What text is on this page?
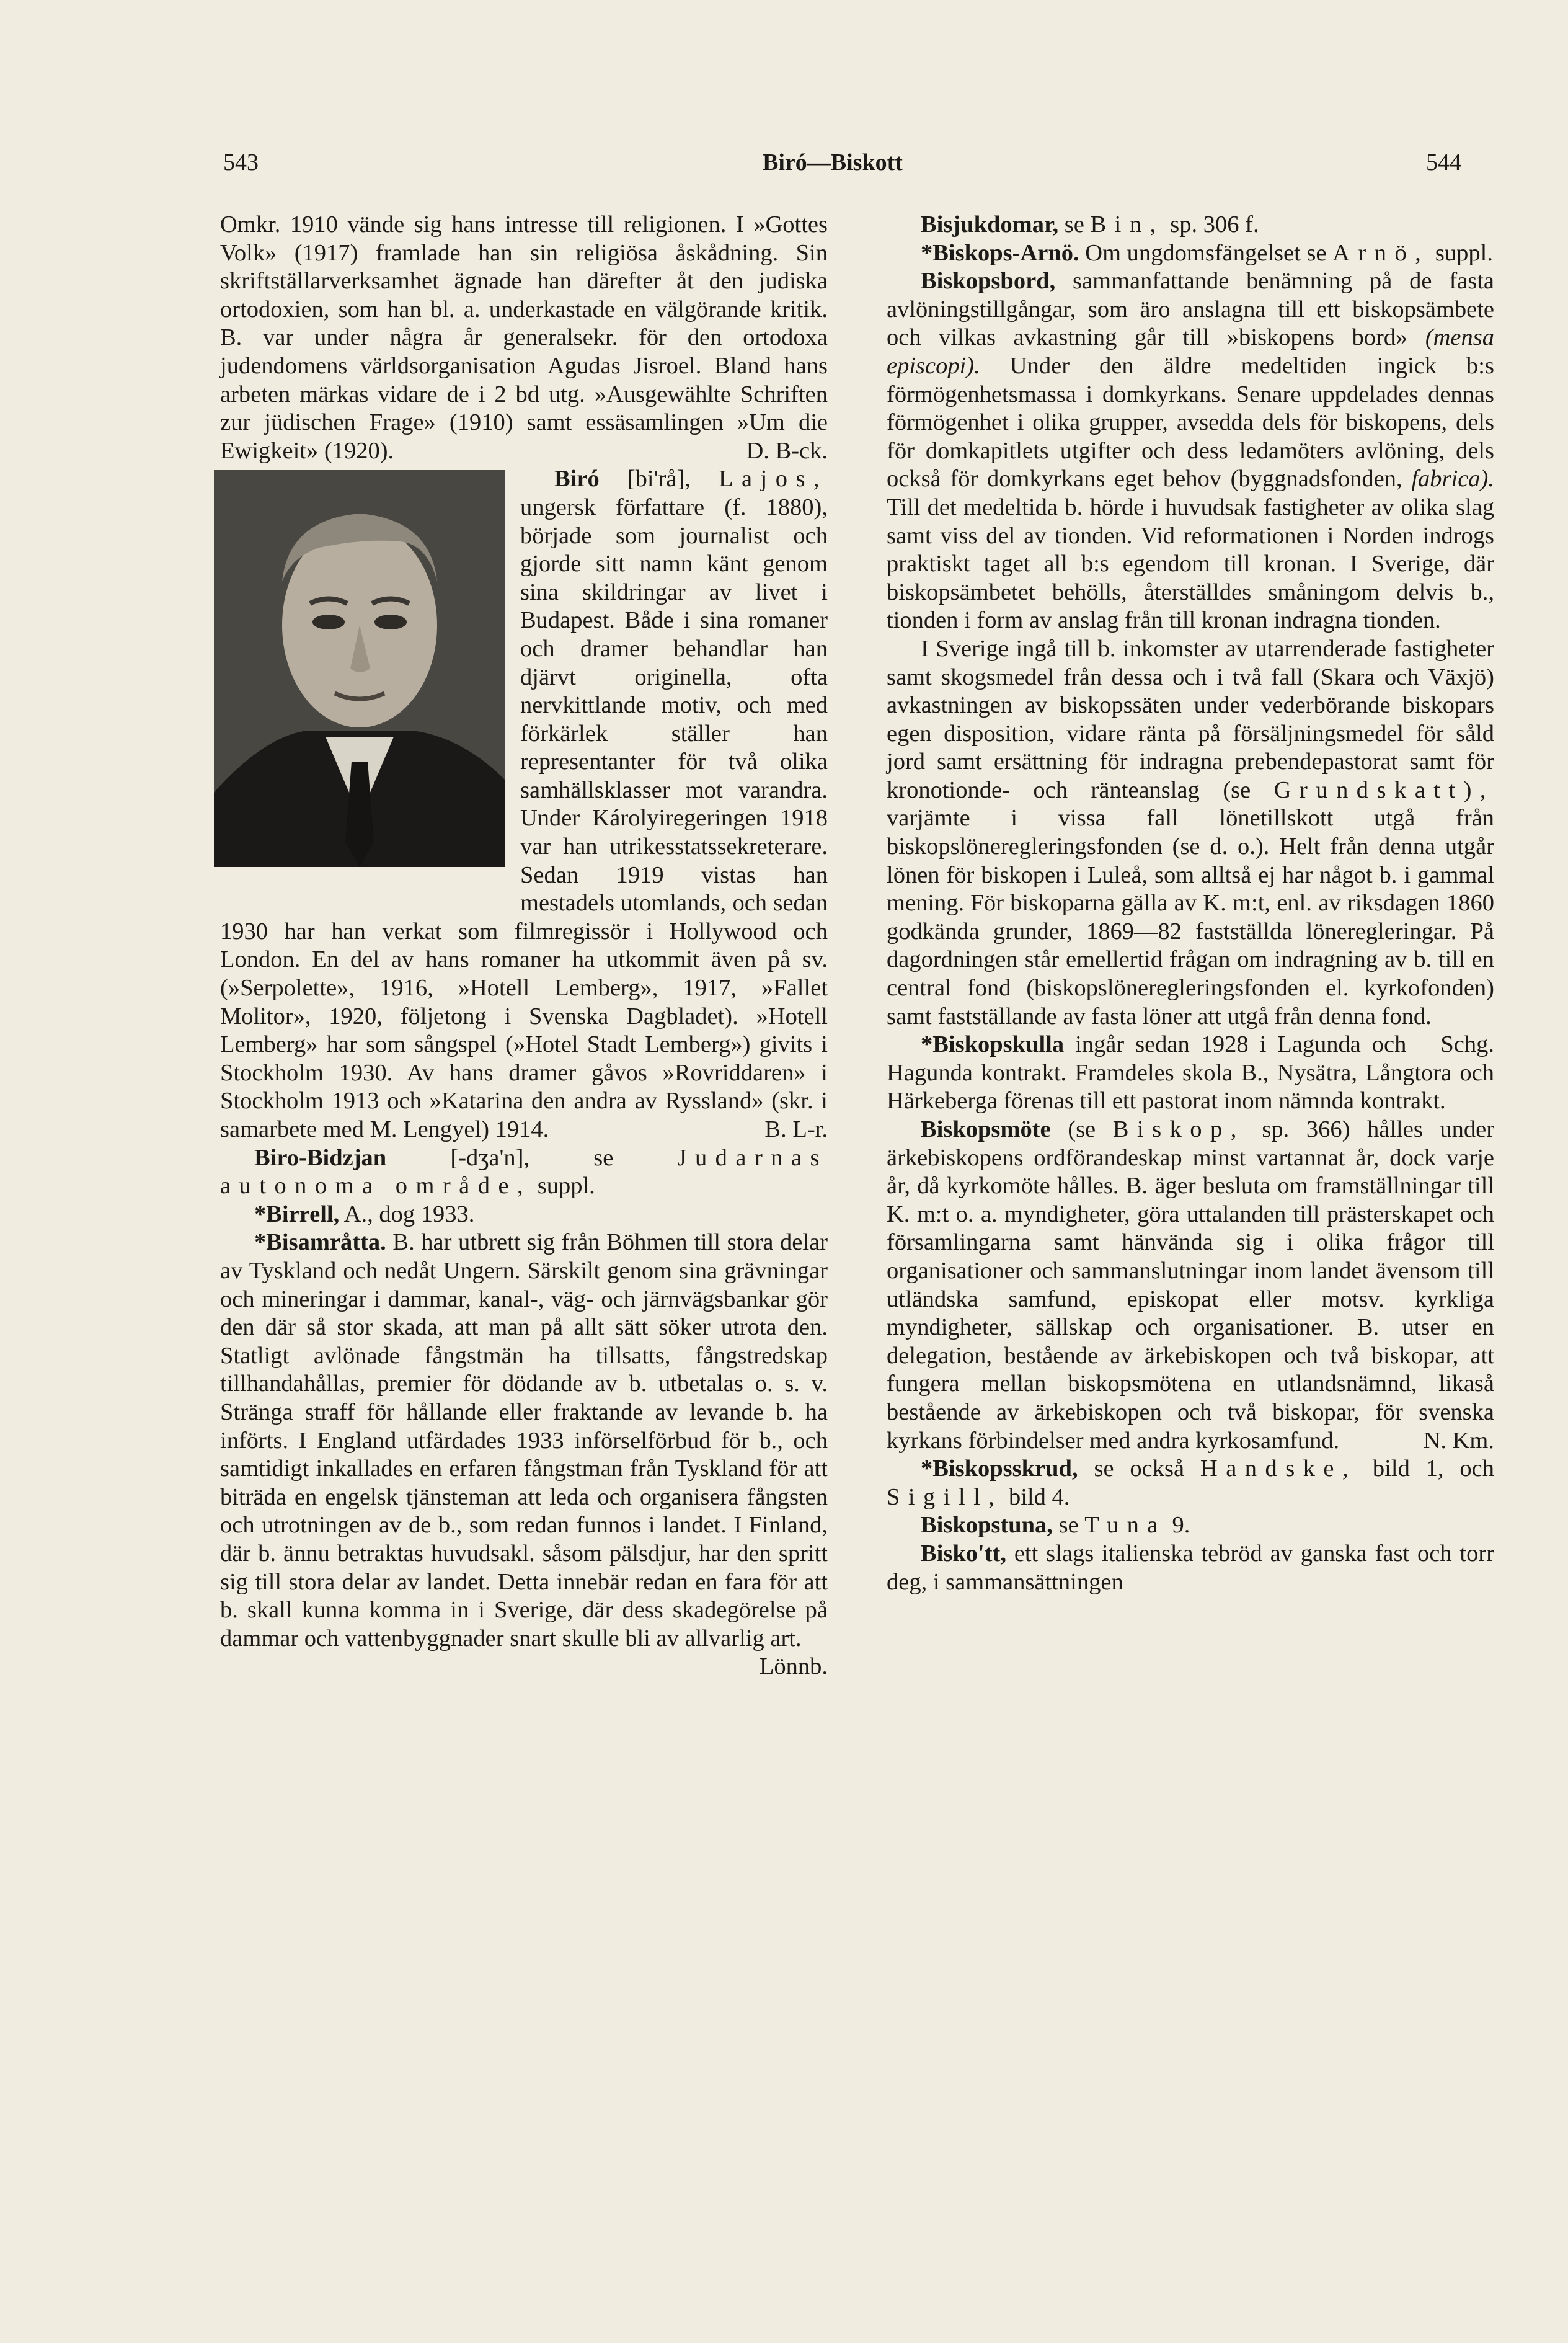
543	Biró—Biskott	544

Omkr. 1910 vände sig hans intresse till religionen. I »Gottes Volk» (1917) framlade han sin religiösa åskådning. Sin skriftställarverksamhet ägnade han därefter åt den judiska ortodoxien, som han bl. a. underkastade en välgörande kritik. B. var under några år generalsekr. för den ortodoxa judendomens världsorganisation Agudas Jisroel. Bland hans arbeten märkas vidare de i 2 bd utg. »Ausgewählte Schriften zur jüdischen Frage» (1910) samt essäsamlingen »Um die Ewigkeit» (1920).	D. B-ck.

Biró [bi'rå], Lajos,
ungersk författare (f. 1880), började som journalist och gjorde sitt namn känt genom sina skildringar av livet i Budapest. Både i sina romaner och dramer behandlar han djärvt originella, ofta nervkittlande motiv, och med förkärlek ställer han representanter för två olika samhällsklasser mot varandra. Under Károlyiregeringen 1918 var han utrikesstatssekreterare. Sedan 1919 vistas han mestadels utomlands, och sedan 1930 har han verkat som filmregissör i Hollywood och London. En del av hans romaner ha utkommit även på sv. (»Serpolette», 1916, »Hotell Lemberg», 1917, »Fallet Molitor», 1920, följetong i Svenska Dagbladet). »Hotell Lemberg» har som sångspel (»Hotel Stadt Lemberg») givits i Stockholm 1930. Av hans dramer gåvos »Rovriddaren» i Stockholm 1913 och »Katarina den andra av Ryssland» (skr. i samarbete med M. Lengyel) 1914.	B. L-r.

Biro-Bidzjan	[-dʒa'n],	se	Judarnas autonoma område, suppl.

*Birrell, A., dog 1933.

*Bisamråtta. B. har utbrett sig från Böhmen till stora delar av Tyskland och nedåt Ungern. Särskilt genom sina grävningar och mineringar i dammar, kanal-, väg- och järnvägsbankar gör den där så stor skada, att man på allt sätt söker utrota den. Statligt avlönade fångstmän ha tillsatts, fångstredskap tillhandahållas, premier för dödande av b. utbetalas o. s. v. Stränga straff för hållande eller fraktande av levande b. ha införts. I England utfärdades 1933 införselförbud för b., och samtidigt inkallades en erfaren fångstman från Tyskland för att biträda en engelsk tjänsteman att leda och organisera fångsten och utrotningen av de b., som redan funnos i landet. I Finland, där b. ännu betraktas huvudsakl. såsom pälsdjur, har den spritt sig till stora delar av landet. Detta innebär redan en fara för att b. skall kunna komma in i Sverige, där dess skadegörelse på dammar och vattenbyggnader snart skulle bli av allvarlig art.
Lönnb.

Bisjukdomar, se Bin, sp. 306 f.

*Biskops-Arnö. Om ungdomsfängelset se Arnö, suppl.

Biskopsbord, sammanfattande benämning på de fasta avlöningstillgångar, som äro anslagna till ett biskopsämbete och vilkas avkastning går till »biskopens bord» (mensa episcopi). Under den äldre medeltiden ingick b:s förmögenhetsmassa i domkyrkans. Senare uppdelades dennas förmögenhet i olika grupper, avsedda dels för biskopens, dels för domkapitlets utgifter och dess ledamöters avlöning, dels också för domkyrkans eget behov (byggnadsfonden, fabrica). Till det medeltida b. hörde i huvudsak fastigheter av olika slag samt viss del av tionden. Vid reformationen i Norden indrogs praktiskt taget all b:s egendom till kronan. I Sverige, där biskopsämbetet behölls, återställdes småningom delvis b., tionden i form av anslag från till kronan indragna tionden.

I Sverige ingå till b. inkomster av utarrenderade fastigheter samt skogsmedel från dessa och i två fall (Skara och Växjö) avkastningen av biskopssäten under vederbörande biskopars egen disposition, vidare ränta på försäljningsmedel för såld jord samt ersättning för indragna prebendepastorat samt för kronotionde- och ränteanslag (se Grundskatt), varjämte i vissa fall lönetillskott utgå från biskopslöneregleringsfonden (se d. o.). Helt från denna utgår lönen för biskopen i Luleå, som alltså ej har något b. i gammal mening. För biskoparna gälla av K. m:t, enl. av riksdagen 1860 godkända grunder, 1869—82 fastställda löneregleringar. På dagordningen står emellertid frågan om indragning av b. till en central fond (biskopslöneregleringsfonden el. kyrkofonden) samt fastställande av fasta löner att utgå från denna fond.
Schg.

*Biskopskulla ingår sedan 1928 i Lagunda och Hagunda kontrakt. Framdeles skola B., Nysätra, Långtora och Härkeberga förenas till ett pastorat inom nämnda kontrakt.

Biskopsmöte (se Biskop, sp. 366) hålles under ärkebiskopens ordförandeskap minst vartannat år, dock varje år, då kyrkomöte hålles. B. äger besluta om framställningar till K. m:t o. a. myndigheter, göra uttalanden till prästerskapet och församlingarna samt hänvända sig i olika frågor till organisationer och sammanslutningar inom landet ävensom till utländska samfund, episkopat eller motsv. kyrkliga myndigheter, sällskap och organisationer. B. utser en delegation, bestående av ärkebiskopen och två biskopar, att fungera mellan biskopsmötena en utlandsnämnd, likaså bestående av ärkebiskopen och två biskopar, för svenska kyrkans förbindelser med andra kyrkosamfund.	N. Km.

*Biskopsskrud, se också Handske, bild 1, och Sigill, bild 4.

Biskopstuna, se Tuna 9.

Bisko'tt, ett slags italienska tebröd av ganska fast och torr deg, i sammansättningen
